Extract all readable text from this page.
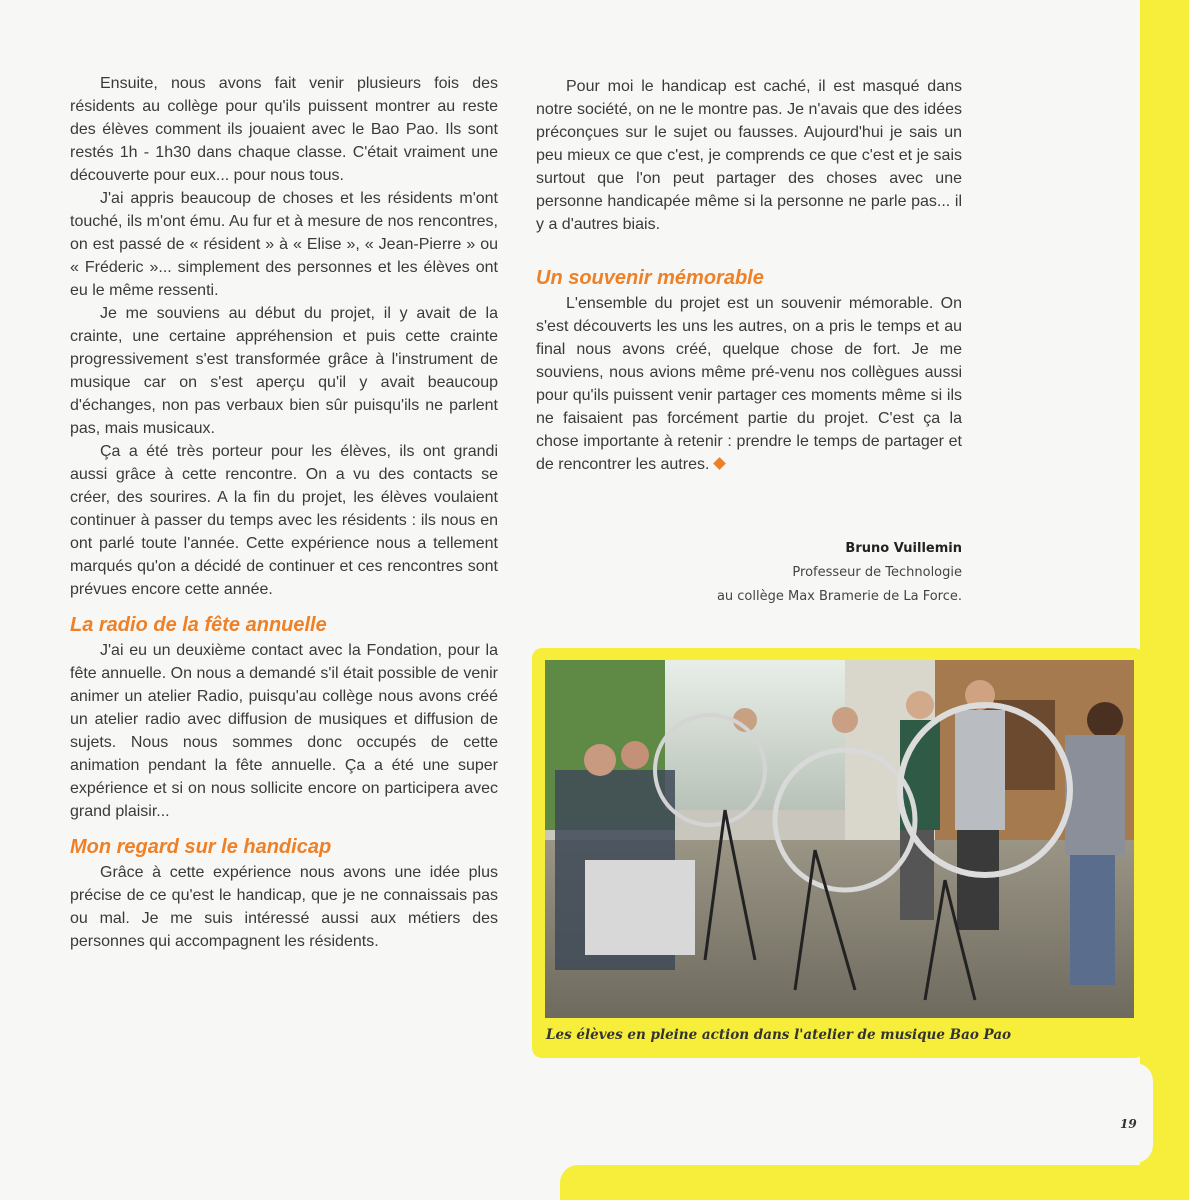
19

Ensuite, nous avons fait venir plusieurs fois des résidents au collège pour qu'ils puissent montrer au reste des élèves comment ils jouaient avec le Bao Pao. Ils sont restés 1h - 1h30 dans chaque classe. C'était vraiment une découverte pour eux... pour nous tous.

J'ai appris beaucoup de choses et les résidents m'ont touché, ils m'ont ému. Au fur et à mesure de nos rencontres, on est passé de « résident » à « Elise », « Jean-Pierre » ou « Fréderic »... simplement des personnes et les élèves ont eu le même ressenti.

Je me souviens au début du projet, il y avait de la crainte, une certaine appréhension et puis cette crainte progressivement s'est transformée grâce à l'instrument de musique car on s'est aperçu qu'il y avait beaucoup d'échanges, non pas verbaux bien sûr puisqu'ils ne parlent pas, mais musicaux.

Ça a été très porteur pour les élèves, ils ont grandi aussi grâce à cette rencontre. On a vu des contacts se créer, des sourires. A la fin du projet, les élèves voulaient continuer à passer du temps avec les résidents : ils nous en ont parlé toute l'année. Cette expérience nous a tellement marqués qu'on a décidé de continuer et ces rencontres sont prévues encore cette année.

La radio de la fête annuelle

J'ai eu un deuxième contact avec la Fondation, pour la fête annuelle. On nous a demandé s'il était possible de venir animer un atelier Radio, puisqu'au collège nous avons créé un atelier radio avec diffusion de musiques et diffusion de sujets. Nous nous sommes donc occupés de cette animation pendant la fête annuelle. Ça a été une super expérience et si on nous sollicite encore on participera avec grand plaisir...

Mon regard sur le handicap

Grâce à cette expérience nous avons une idée plus précise de ce qu'est le handicap, que je ne connaissais pas ou mal. Je me suis intéressé aussi aux métiers des personnes qui accompagnent les résidents.

Pour moi le handicap est caché, il est masqué dans notre société, on ne le montre pas. Je n'avais que des idées préconçues sur le sujet ou fausses. Aujourd'hui je sais un peu mieux ce que c'est, je comprends ce que c'est et je sais surtout que l'on peut partager des choses avec une personne handicapée même si la personne ne parle pas... il y a d'autres biais.

Un souvenir mémorable

L'ensemble du projet est un souvenir mémorable. On s'est découverts les uns les autres, on a pris le temps et au final nous avons créé, quelque chose de fort. Je me souviens, nous avions même pré-venu nos collègues aussi pour qu'ils puissent venir partager ces moments même si ils ne faisaient pas forcément partie du projet. C'est ça la chose importante à retenir : prendre le temps de partager et de rencontrer les autres.

Bruno Vuillemin
Professeur de Technologie
au collège Max Bramerie de La Force.
Les élèves en pleine action dans l'atelier de musique Bao Pao
